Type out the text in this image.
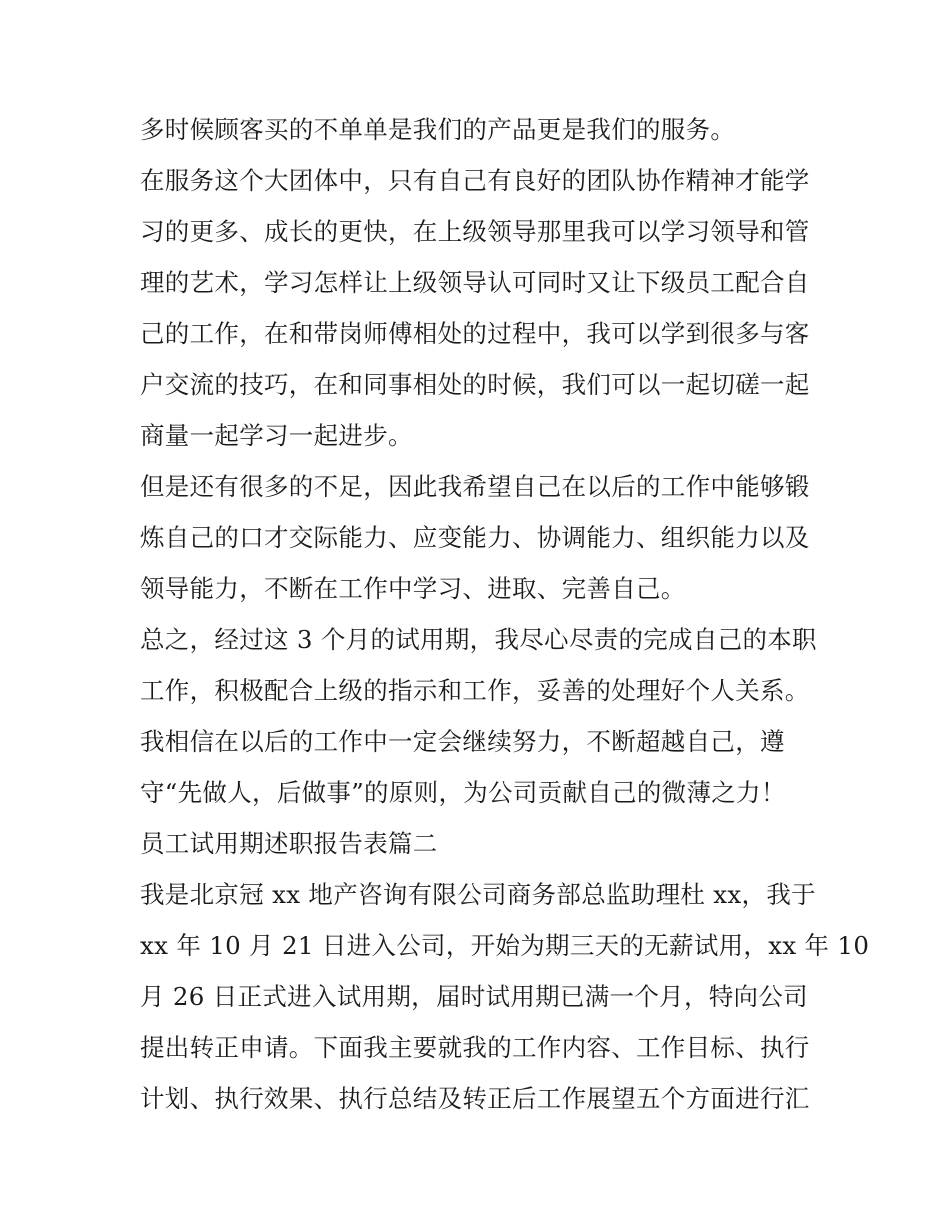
多时候顾客买的不单单是我们的产品更是我们的服务。
在服务这个大团体中，只有自己有良好的团队协作精神才能学
习的更多、成长的更快，在上级领导那里我可以学习领导和管
理的艺术，学习怎样让上级领导认可同时又让下级员工配合自
己的工作，在和带岗师傅相处的过程中，我可以学到很多与客
户交流的技巧，在和同事相处的时候，我们可以一起切磋一起
商量一起学习一起进步。
但是还有很多的不足，因此我希望自己在以后的工作中能够锻
炼自己的口才交际能力、应变能力、协调能力、组织能力以及
领导能力，不断在工作中学习、进取、完善自己。
总之，经过这 3 个月的试用期，我尽心尽责的完成自己的本职
工作，积极配合上级的指示和工作，妥善的处理好个人关系。
我相信在以后的工作中一定会继续努力，不断超越自己，遵
守“先做人，后做事”的原则，为公司贡献自己的微薄之力！
员工试用期述职报告表篇二
我是北京冠 xx 地产咨询有限公司商务部总监助理杜 xx，我于
xx 年 10 月 21 日进入公司，开始为期三天的无薪试用，xx 年 10
月 26 日正式进入试用期，届时试用期已满一个月，特向公司
提出转正申请。下面我主要就我的工作内容、工作目标、执行
计划、执行效果、执行总结及转正后工作展望五个方面进行汇
